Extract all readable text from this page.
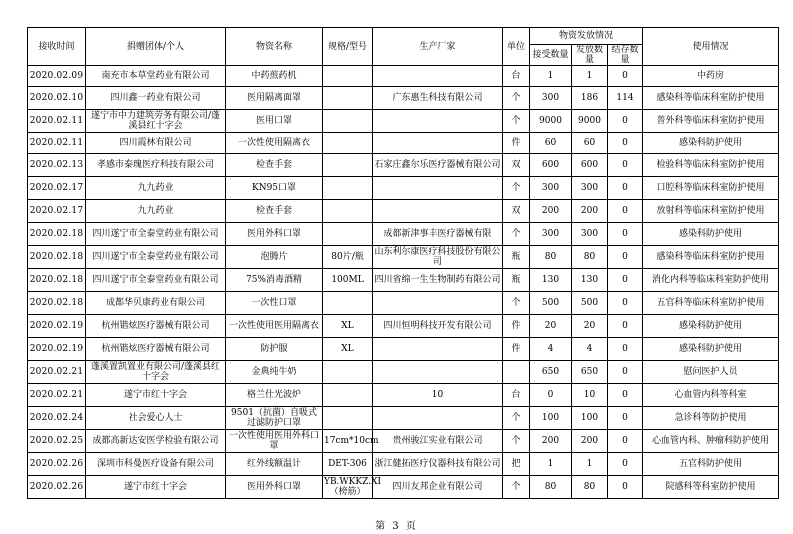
接收时间	捐赠团体/个人	物资名称	规格/型号	生产厂家	单位	物资发放情况			使用情况
						接受数量	发放数量	结存数量	
2020.02.09	南充市本草堂药业有限公司	中药煎药机			台	1	1	0	中药房
2020.02.10	四川鑫一药业有限公司	医用隔离面罩		广东惠生科技有限公司	个	300	186	114	感染科等临床科室防护使用
2020.02.11	遂宁市中力建筑劳务有限公司/蓬溪县红十字会	医用口罩			个	9000	9000	0	普外科等临床科室防护使用
2020.02.11	四川霞林有限公司	一次性使用隔离衣			件	60	60	0	感染科防护使用
2020.02.13	孝感市泰瑰医疗科技有限公司	检查手套		石家庄鑫尔乐医疗器械有限公司	双	600	600	0	检验科等临床科室防护使用
2020.02.17	九九药业	KN95口罩			个	300	300	0	口腔科等临床科室防护使用
2020.02.17	九九药业	检查手套			双	200	200	0	放射科等临床科室防护使用
2020.02.18	四川遂宁市全泰堂药业有限公司	医用外科口罩		成都新津事丰医疗器械有限	个	300	300	0	感染科防护使用
2020.02.18	四川遂宁市全泰堂药业有限公司	泡腾片	80片/瓶	山东利尔康医疗科技股份有限公司	瓶	80	80	0	感染科等临床科室防护使用
2020.02.18	四川遂宁市全泰堂药业有限公司	75%消毒酒精	100ML	四川省绵一生生物制药有限公司	瓶	130	130	0	消化内科等临床科室防护使用
2020.02.18	成都华贝康药业有限公司	一次性口罩			个	500	500	0	五官科等临床科室防护使用
2020.02.19	杭州锴炫医疗器械有限公司	一次性使用医用隔离衣	XL	四川恒明科技开发有限公司	件	20	20	0	感染科防护使用
2020.02.19	杭州锴炫医疗器械有限公司	防护服	XL		件	4	4	0	感染科防护使用
2020.02.21	蓬溪置凯置业有限公司/蓬溪县红十字会	金典纯牛奶				650	650	0	慰问医护人员
2020.02.21	遂宁市红十字会	格兰仕光波炉		10	台	0	10	0	心血管内科等科室
2020.02.24	社会爱心人士	9501（抗菌）自吸式过滤防护口罩			个	100	100	0	急诊科等防护使用
2020.02.25	成都高新达安医学检验有限公司	一次性使用医用外科口罩	17cm*10cm	贵州骏江实业有限公司	个	200	200	0	心血管内科、肿瘤科防护使用
2020.02.26	深圳市科曼医疗设备有限公司	红外线额温计	DET-306	浙江健拓医疗仪器科技有限公司	把	1	1	0	五官科防护使用
2020.02.26	遂宁市红十字会	医用外科口罩	YB.WKKZ.XI（榜筋）	四川友邦企业有限公司	个	80	80	0	院感科等科室防护使用
第 3 页
